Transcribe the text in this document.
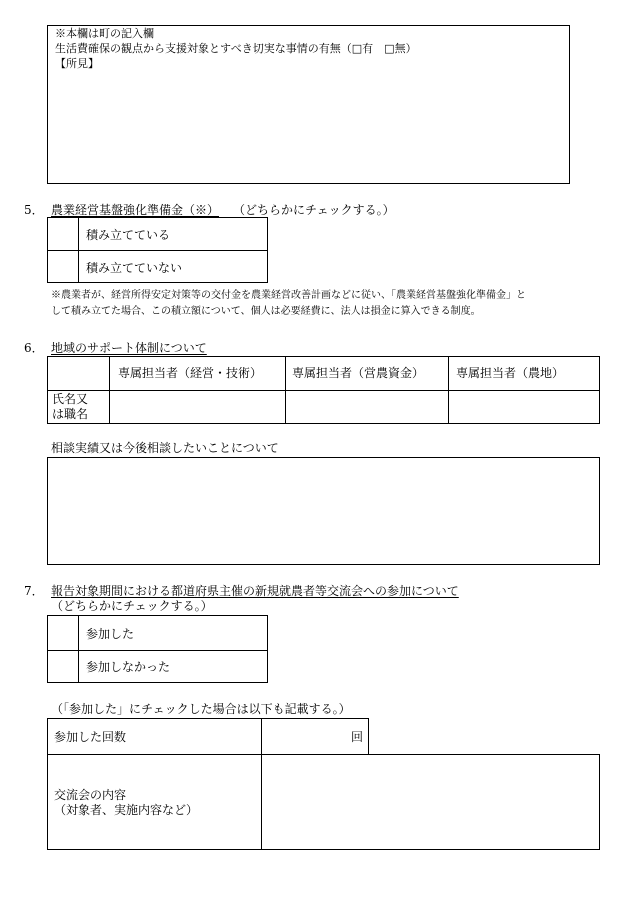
※本欄は町の記入欄
生活費確保の観点から支援対象とすべき切実な事情の有無（□有　□無）
【所見】
5． 農業経営基盤強化準備金（※） （どちらかにチェックする。）
積み立てている
積み立てていない
※農業者が、経営所得安定対策等の交付金を農業経営改善計画などに従い、「農業経営基盤強化準備金」と
して積み立てた場合、この積立額について、個人は必要経費に、法人は損金に算入できる制度。
6． 地域のサポート体制について
専属担当者（経営・技術） 専属担当者（営農資金）	専属担当者（農地）
氏名又
は職名
相談実績又は今後相談したいことについて
7． 報告対象期間における都道府県主催の新規就農者等交流会への参加について
（どちらかにチェックする。）
参加した
参加しなかった
（「参加した」にチェックした場合は以下も記載する。）
参加した回数	回
交流会の内容
（対象者、実施内容など）
